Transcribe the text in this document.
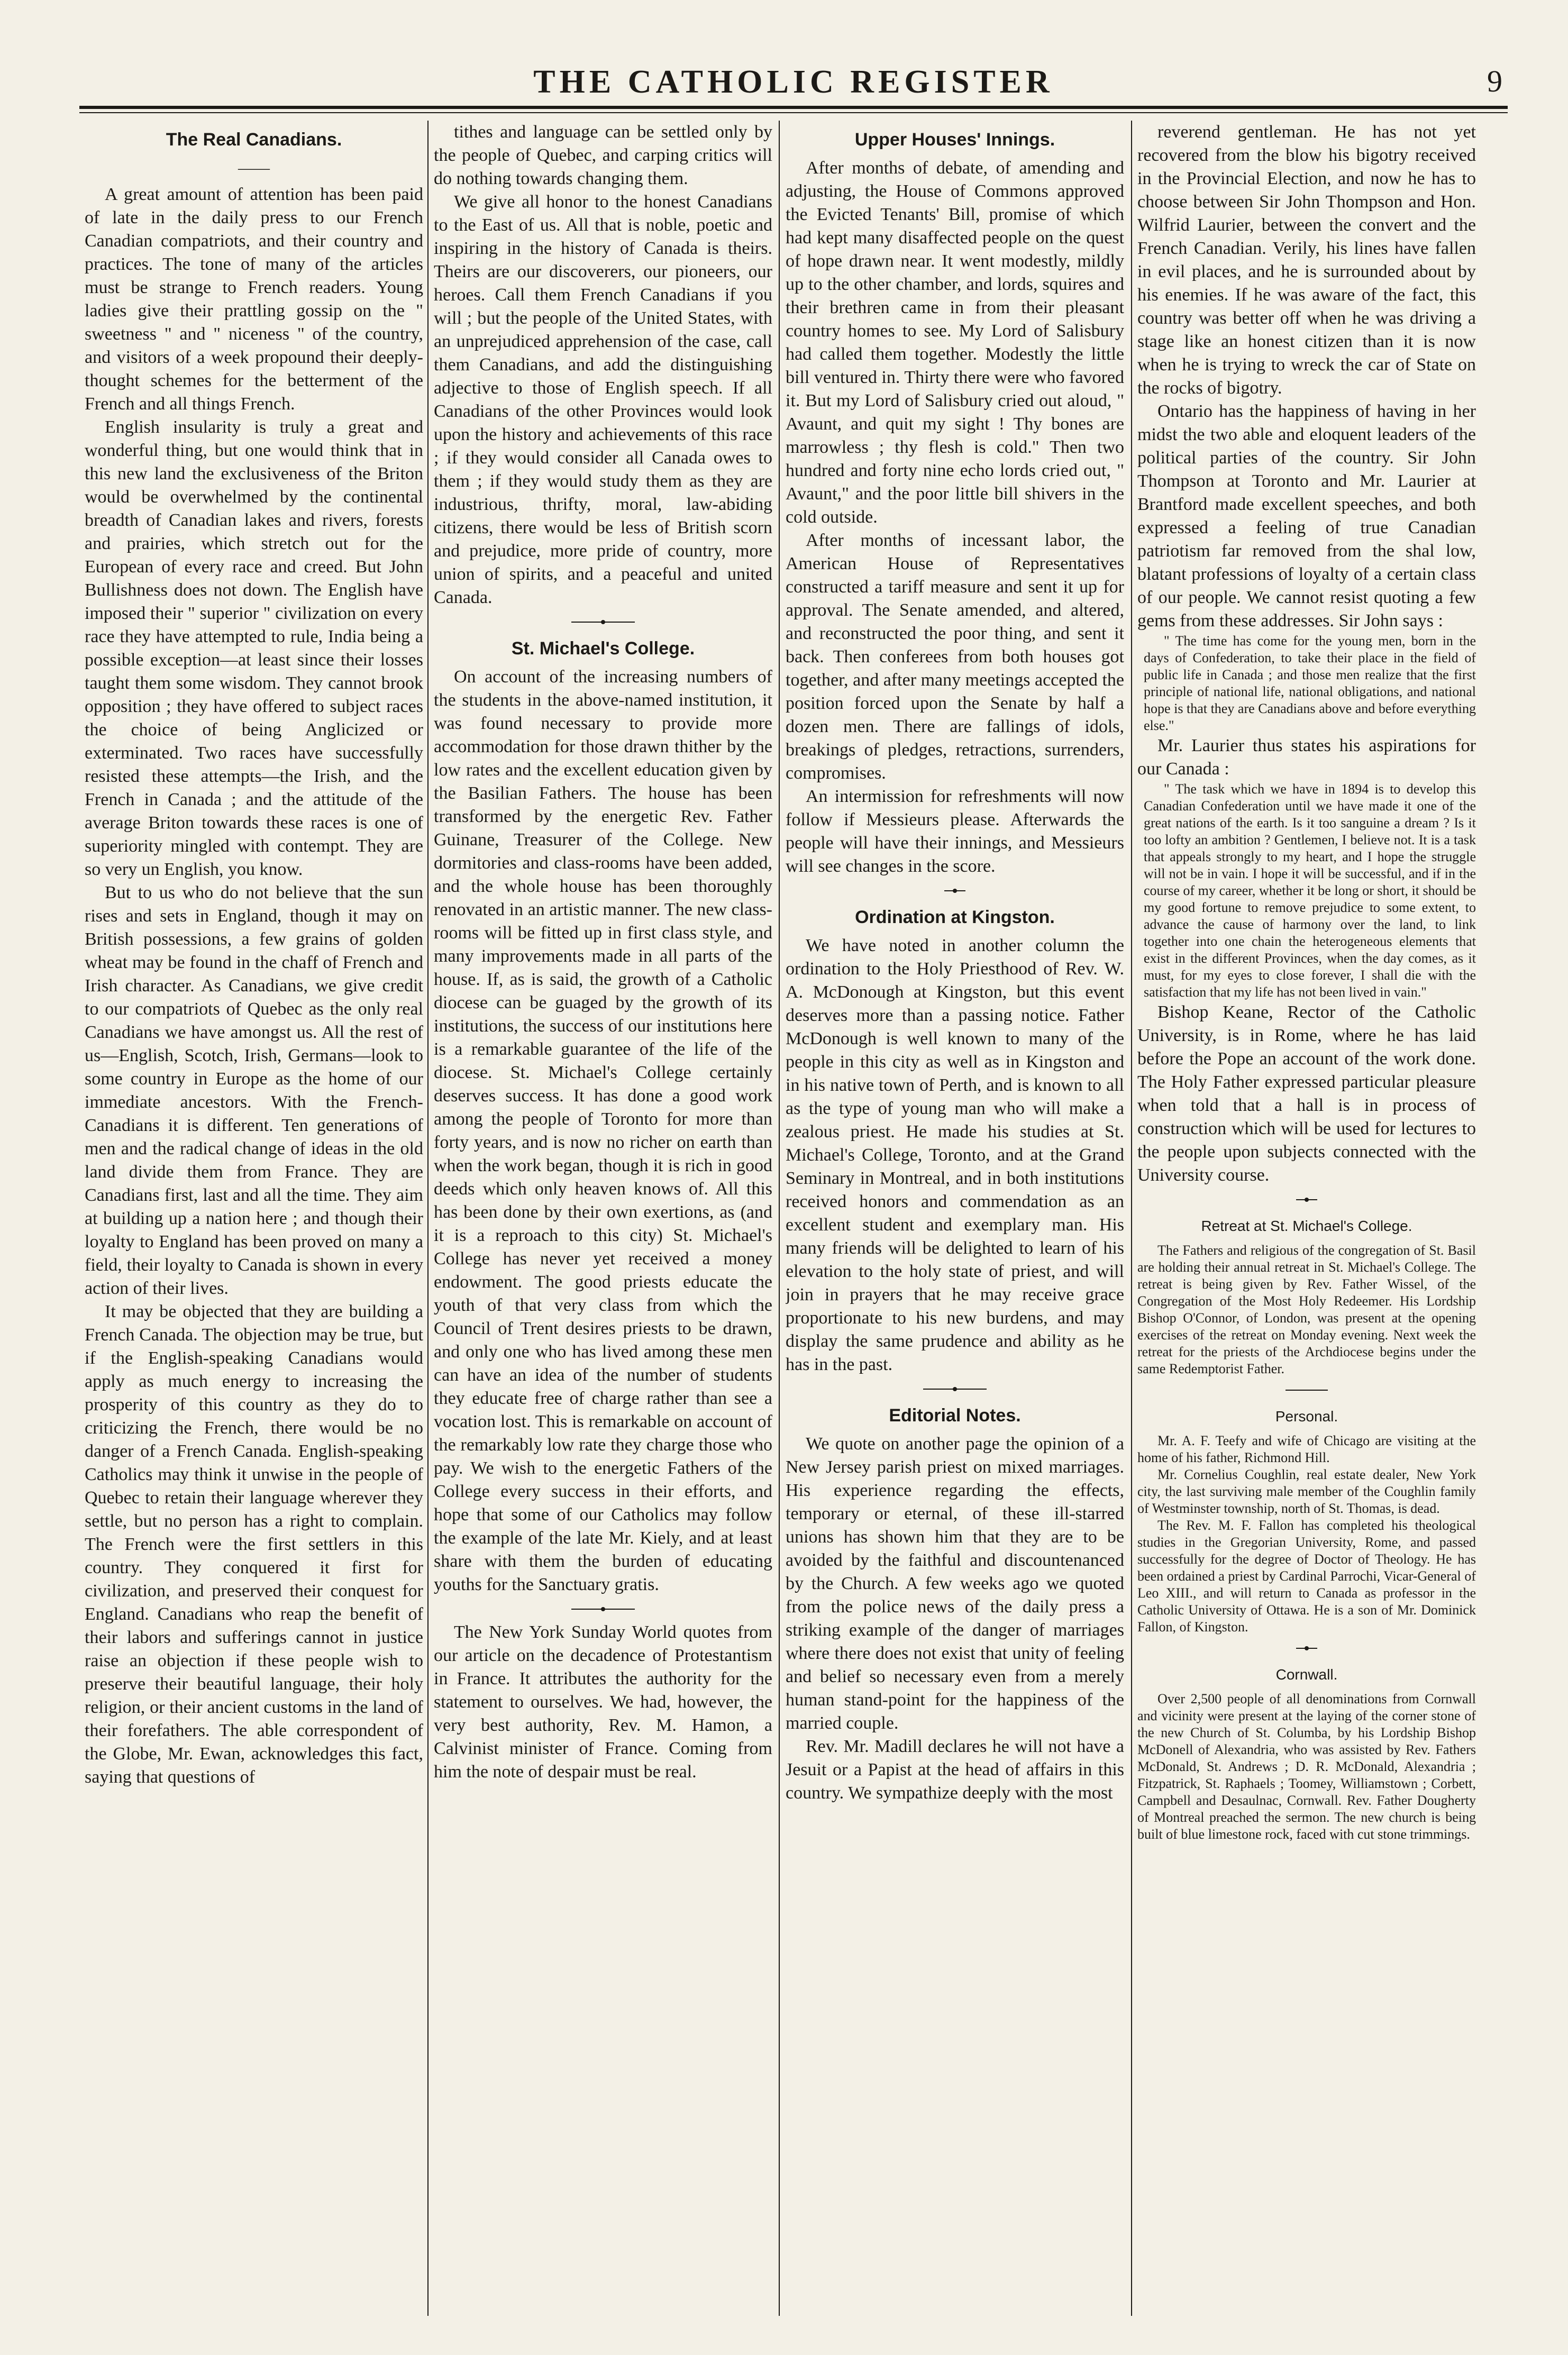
THE CATHOLIC REGISTER	9
The Real Canadians.
——

A great amount of attention has been paid of late in the daily press to our French Canadian compatriots, and their country and practices. The tone of many of the articles must be strange to French readers. Young ladies give their prattling gossip on the " sweetness " and " niceness " of the country, and visitors of a week propound their deeply-thought schemes for the betterment of the French and all things French.

English insularity is truly a great and wonderful thing, but one would think that in this new land the exclusiveness of the Briton would be overwhelmed by the continental breadth of Canadian lakes and rivers, forests and prairies, which stretch out for the European of every race and creed. But John Bullishness does not down. The English have imposed their " superior " civilization on every race they have attempted to rule, India being a possible exception—at least since their losses taught them some wisdom. They cannot brook opposition ; they have offered to subject races the choice of being Anglicized or exterminated. Two races have successfully resisted these attempts—the Irish, and the French in Canada ; and the attitude of the average Briton towards these races is one of superiority mingled with contempt. They are so very un English, you know.

But to us who do not believe that the sun rises and sets in England, though it may on British possessions, a few grains of golden wheat may be found in the chaff of French and Irish character. As Canadians, we give credit to our compatriots of Quebec as the only real Canadians we have amongst us. All the rest of us—English, Scotch, Irish, Germans—look to some country in Europe as the home of our immediate ancestors. With the French-Canadians it is different. Ten generations of men and the radical change of ideas in the old land divide them from France. They are Canadians first, last and all the time. They aim at building up a nation here ; and though their loyalty to England has been proved on many a field, their loyalty to Canada is shown in every action of their lives.

It may be objected that they are building a French Canada. The objection may be true, but if the English-speaking Canadians would apply as much energy to increasing the prosperity of this country as they do to criticizing the French, there would be no danger of a French Canada. English-speaking Catholics may think it unwise in the people of Quebec to retain their language wherever they settle, but no person has a right to complain. The French were the first settlers in this country. They conquered it first for civilization, and preserved their conquest for England. Canadians who reap the benefit of their labors and sufferings cannot in justice raise an objection if these people wish to preserve their beautiful language, their holy religion, or their ancient customs in the land of their forefathers. The able correspondent of the Globe, Mr. Ewan, acknowledges this fact, saying that questions of

tithes and language can be settled only by the people of Quebec, and carping critics will do nothing towards changing them.

We give all honor to the honest Canadians to the East of us. All that is noble, poetic and inspiring in the history of Canada is theirs. Theirs are our discoverers, our pioneers, our heroes. Call them French Canadians if you will ; but the people of the United States, with an unprejudiced apprehension of the case, call them Canadians, and add the distinguishing adjective to those of English speech. If all Canadians of the other Provinces would look upon the history and achievements of this race ; if they would consider all Canada owes to them ; if they would study them as they are industrious, thrifty, moral, law-abiding citizens, there would be less of British scorn and prejudice, more pride of country, more union of spirits, and a peaceful and united Canada.

St. Michael's College.

On account of the increasing numbers of the students in the above-named institution, it was found necessary to provide more accommodation for those drawn thither by the low rates and the excellent education given by the Basilian Fathers. The house has been transformed by the energetic Rev. Father Guinane, Treasurer of the College. New dormitories and class-rooms have been added, and the whole house has been thoroughly renovated in an artistic manner. The new class-rooms will be fitted up in first class style, and many improvements made in all parts of the house. If, as is said, the growth of a Catholic diocese can be guaged by the growth of its institutions, the success of our institutions here is a remarkable guarantee of the life of the diocese. St. Michael's College certainly deserves success. It has done a good work among the people of Toronto for more than forty years, and is now no richer on earth than when the work began, though it is rich in good deeds which only heaven knows of. All this has been done by their own exertions, as (and it is a reproach to this city) St. Michael's College has never yet received a money endowment. The good priests educate the youth of that very class from which the Council of Trent desires priests to be drawn, and only one who has lived among these men can have an idea of the number of students they educate free of charge rather than see a vocation lost. This is remarkable on account of the remarkably low rate they charge those who pay. We wish to the energetic Fathers of the College every success in their efforts, and hope that some of our Catholics may follow the example of the late Mr. Kiely, and at least share with them the burden of educating youths for the Sanctuary gratis.

The New York Sunday World quotes from our article on the decadence of Protestantism in France. It attributes the authority for the statement to ourselves. We had, however, the very best authority, Rev. M. Hamon, a Calvinist minister of France. Coming from him the note of despair must be real.

Upper Houses' Innings.

After months of debate, of amending and adjusting, the House of Commons approved the Evicted Tenants' Bill, promise of which had kept many disaffected people on the quest of hope drawn near. It went modestly, mildly up to the other chamber, and lords, squires and their brethren came in from their pleasant country homes to see. My Lord of Salisbury had called them together. Modestly the little bill ventured in. Thirty there were who favored it. But my Lord of Salisbury cried out aloud, " Avaunt, and quit my sight ! Thy bones are marrowless ; thy flesh is cold." Then two hundred and forty nine echo lords cried out, " Avaunt," and the poor little bill shivers in the cold outside.

After months of incessant labor, the American House of Representatives constructed a tariff measure and sent it up for approval. The Senate amended, and altered, and reconstructed the poor thing, and sent it back. Then conferees from both houses got together, and after many meetings accepted the position forced upon the Senate by half a dozen men. There are fallings of idols, breakings of pledges, retractions, surrenders, compromises.

An intermission for refreshments will now follow if Messieurs please. Afterwards the people will have their innings, and Messieurs will see changes in the score.

Ordination at Kingston.

We have noted in another column the ordination to the Holy Priesthood of Rev. W. A. McDonough at Kingston, but this event deserves more than a passing notice. Father McDonough is well known to many of the people in this city as well as in Kingston and in his native town of Perth, and is known to all as the type of young man who will make a zealous priest. He made his studies at St. Michael's College, Toronto, and at the Grand Seminary in Montreal, and in both institutions received honors and commendation as an excellent student and exemplary man. His many friends will be delighted to learn of his elevation to the holy state of priest, and will join in prayers that he may receive grace proportionate to his new burdens, and may display the same prudence and ability as he has in the past.

Editorial Notes.

We quote on another page the opinion of a New Jersey parish priest on mixed marriages. His experience regarding the effects, temporary or eternal, of these ill-starred unions has shown him that they are to be avoided by the faithful and discountenanced by the Church. A few weeks ago we quoted from the police news of the daily press a striking example of the danger of marriages where there does not exist that unity of feeling and belief so necessary even from a merely human stand-point for the happiness of the married couple.

Rev. Mr. Madill declares he will not have a Jesuit or a Papist at the head of affairs in this country. We sympathize deeply with the most

reverend gentleman. He has not yet recovered from the blow his bigotry received in the Provincial Election, and now he has to choose between Sir John Thompson and Hon. Wilfrid Laurier, between the convert and the French Canadian. Verily, his lines have fallen in evil places, and he is surrounded about by his enemies. If he was aware of the fact, this country was better off when he was driving a stage like an honest citizen than it is now when he is trying to wreck the car of State on the rocks of bigotry.

Ontario has the happiness of having in her midst the two able and eloquent leaders of the political parties of the country. Sir John Thompson at Toronto and Mr. Laurier at Brantford made excellent speeches, and both expressed a feeling of true Canadian patriotism far removed from the shal low, blatant professions of loyalty of a certain class of our people. We cannot resist quoting a few gems from these addresses. Sir John says :

" The time has come for the young men, born in the days of Confederation, to take their place in the field of public life in Canada ; and those men realize that the first principle of national life, national obligations, and national hope is that they are Canadians above and before everything else."

Mr. Laurier thus states his aspirations for our Canada :

" The task which we have in 1894 is to develop this Canadian Confederation until we have made it one of the great nations of the earth. Is it too sanguine a dream ? Is it too lofty an ambition ? Gentlemen, I believe not. It is a task that appeals strongly to my heart, and I hope the struggle will not be in vain. I hope it will be successful, and if in the course of my career, whether it be long or short, it should be my good fortune to remove prejudice to some extent, to advance the cause of harmony over the land, to link together into one chain the heterogeneous elements that exist in the different Provinces, when the day comes, as it must, for my eyes to close forever, I shall die with the satisfaction that my life has not been lived in vain."

Bishop Keane, Rector of the Catholic University, is in Rome, where he has laid before the Pope an account of the work done. The Holy Father expressed particular pleasure when told that a hall is in process of construction which will be used for lectures to the people upon subjects connected with the University course.

Retreat at St. Michael's College.

The Fathers and religious of the congregation of St. Basil are holding their annual retreat in St. Michael's College. The retreat is being given by Rev. Father Wissel, of the Congregation of the Most Holy Redeemer. His Lordship Bishop O'Connor, of London, was present at the opening exercises of the retreat on Monday evening. Next week the retreat for the priests of the Archdiocese begins under the same Redemptorist Father.

Personal.

Mr. A. F. Teefy and wife of Chicago are visiting at the home of his father, Richmond Hill.

Mr. Cornelius Coughlin, real estate dealer, New York city, the last surviving male member of the Coughlin family of Westminster township, north of St. Thomas, is dead.

The Rev. M. F. Fallon has completed his theological studies in the Gregorian University, Rome, and passed successfully for the degree of Doctor of Theology. He has been ordained a priest by Cardinal Parrochi, Vicar-General of Leo XIII., and will return to Canada as professor in the Catholic University of Ottawa. He is a son of Mr. Dominick Fallon, of Kingston.

Cornwall.

Over 2,500 people of all denominations from Cornwall and vicinity were present at the laying of the corner stone of the new Church of St. Columba, by his Lordship Bishop McDonell of Alexandria, who was assisted by Rev. Fathers McDonald, St. Andrews ; D. R. McDonald, Alexandria ; Fitzpatrick, St. Raphaels ; Toomey, Williamstown ; Corbett, Campbell and Desaulnac, Cornwall. Rev. Father Dougherty of Montreal preached the sermon. The new church is being built of blue limestone rock, faced with cut stone trimmings.
